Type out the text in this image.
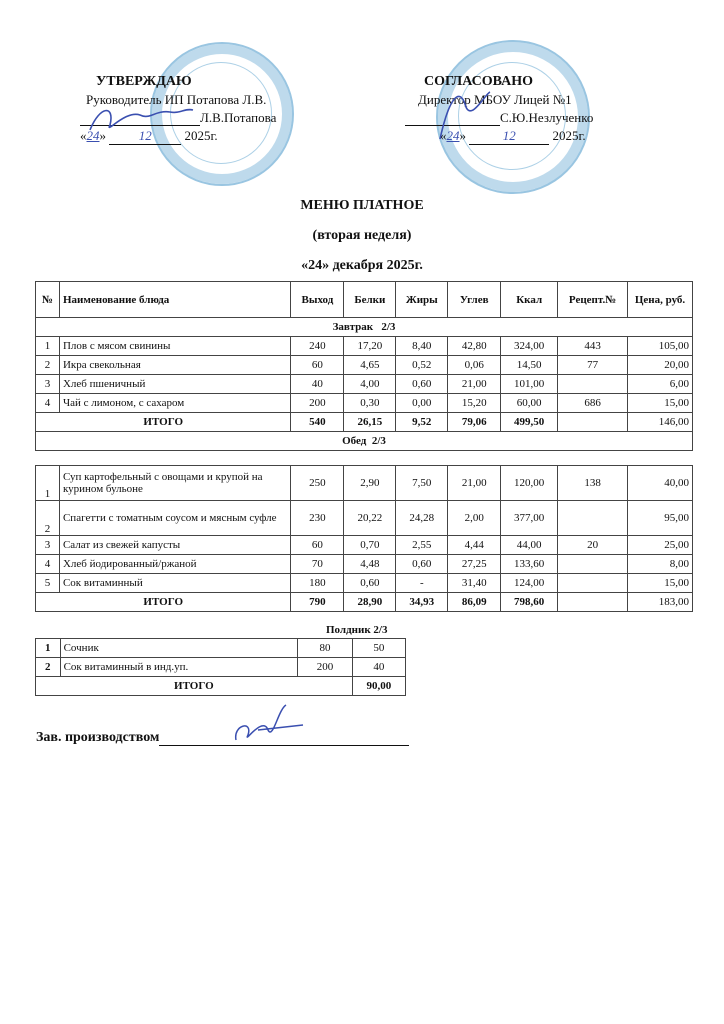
УТВЕРЖДАЮ
Руководитель ИП Потапова Л.В.
Л.В.Потапова
«24»	12	2025г.
СОГЛАСОВАНО
Директор МБОУ Лицей №1
С.Ю.Незлученко
«24»	12	2025г.
МЕНЮ ПЛАТНОЕ
(вторая неделя)
«24» декабря 2025г.
№	Наименование блюда	Выход	Белки	Жиры	Углев	Ккал	Рецепт.№	Цена, руб.
Завтрак   2/3								
1	Плов с мясом свинины	240	17,20	8,40	42,80	324,00	443	105,00
2	Икра свекольная	60	4,65	0,52	0,06	14,50	77	20,00
3	Хлеб пшеничный	40	4,00	0,60	21,00	101,00		6,00
4	Чай с лимоном, с сахаром	200	0,30	0,00	15,20	60,00	686	15,00
ИТОГО		540	26,15	9,52	79,06	499,50		146,00
Обед  2/3								

1	Суп картофельный с овощами и крупой на курином бульоне	250	2,90	7,50	21,00	120,00	138	40,00
2	Спагетти с томатным соусом и мясным суфле	230	20,22	24,28	2,00	377,00		95,00
3	Салат из свежей капусты	60	0,70	2,55	4,44	44,00	20	25,00
4	Хлеб йодированный/ржаной	70	4,48	0,60	27,25	133,60		8,00
5	Сок витаминный	180	0,60	-	31,40	124,00		15,00
ИТОГО		790	28,90	34,93	86,09	798,60		183,00
Полдник 2/3
1	Сочник	80	50
2	Сок витаминный в инд.уп.	200	40
ИТОГО			90,00
Зав. производством
